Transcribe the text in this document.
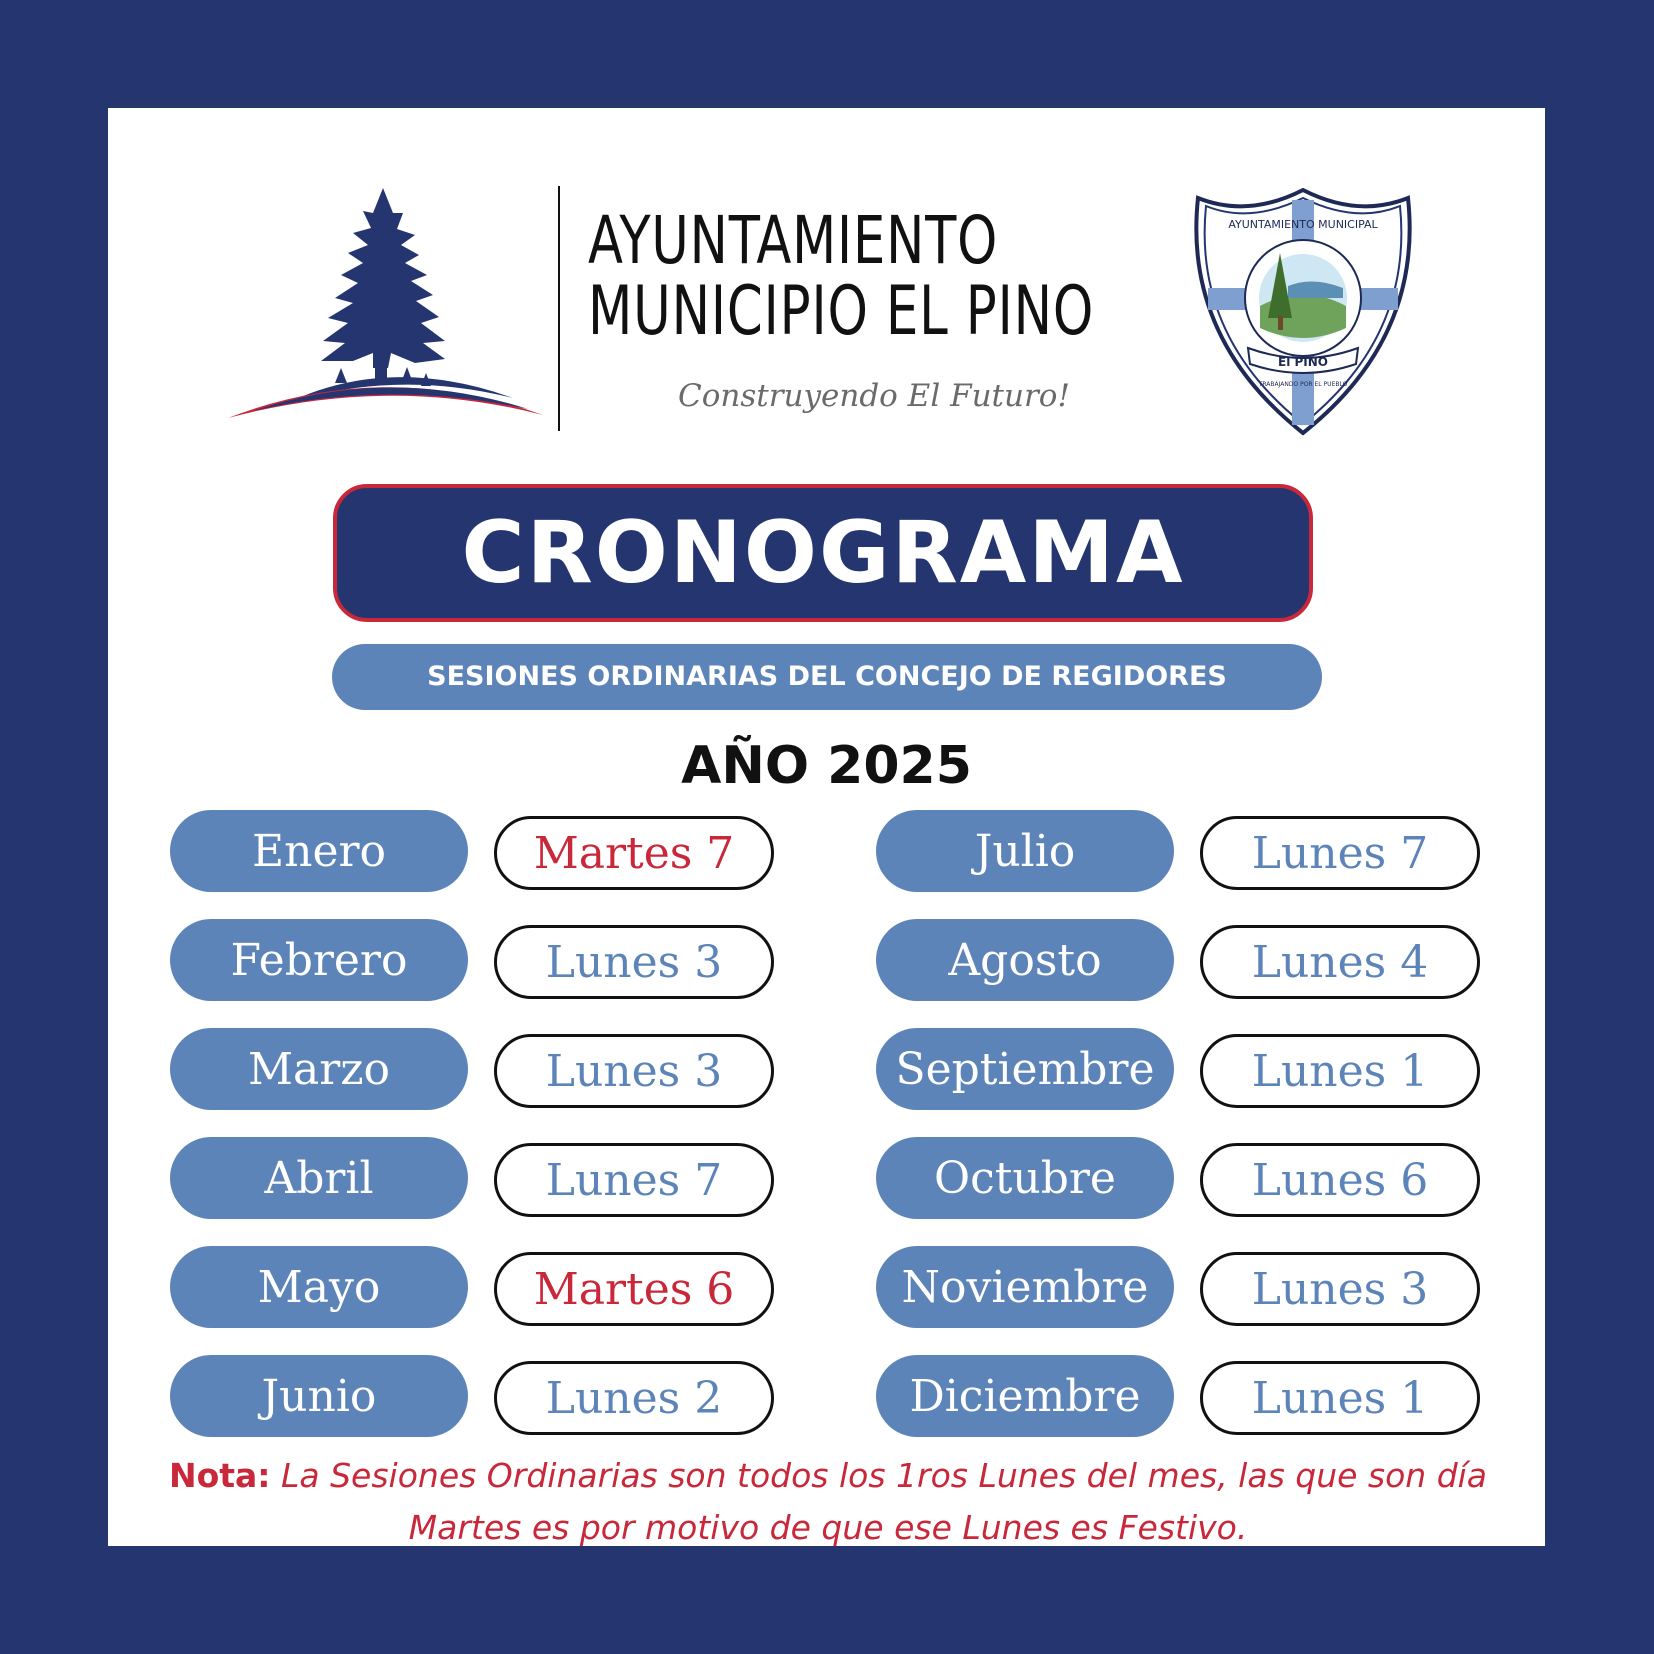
AYUNTAMIENTO
MUNICIPIO EL PINO
Construyendo El Futuro!
AYUNTAMIENTO MUNICIPAL
El PINO
TRABAJANDO POR EL PUEBLO
CRONOGRAMA
SESIONES ORDINARIAS DEL CONCEJO DE REGIDORES
AÑO 2025
Enero	Martes 7
Febrero	Lunes 3
Marzo	Lunes 3
Abril	Lunes 7
Mayo	Martes 6
Junio	Lunes 2
Julio	Lunes 7
Agosto	Lunes 4
Septiembre	Lunes 1
Octubre	Lunes 6
Noviembre	Lunes 3
Diciembre	Lunes 1
Nota: La Sesiones Ordinarias son todos los 1ros Lunes del mes, las que son día Martes es por motivo de que ese Lunes es Festivo.
